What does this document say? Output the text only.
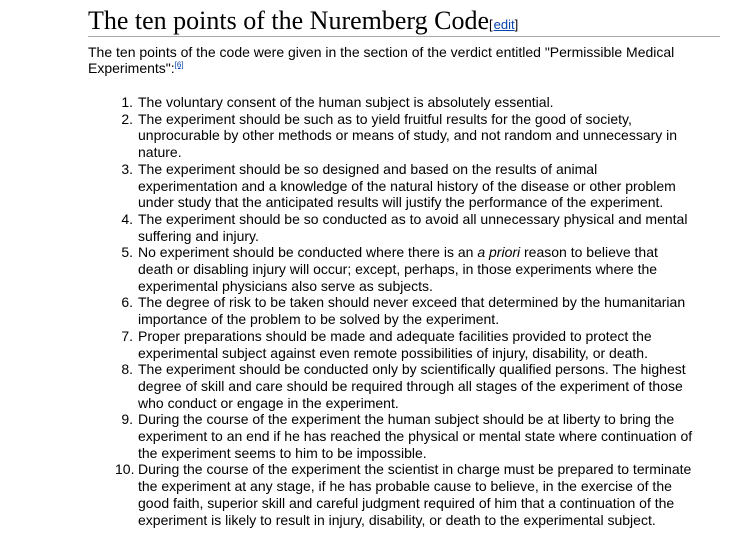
The ten points of the Nuremberg Code[edit]

The ten points of the code were given in the section of the verdict entitled "Permissible Medical Experiments":[6]

1. The voluntary consent of the human subject is absolutely essential.
2. The experiment should be such as to yield fruitful results for the good of society, unprocurable by other methods or means of study, and not random and unnecessary in nature.
3. The experiment should be so designed and based on the results of animal experimentation and a knowledge of the natural history of the disease or other problem under study that the anticipated results will justify the performance of the experiment.
4. The experiment should be so conducted as to avoid all unnecessary physical and mental suffering and injury.
5. No experiment should be conducted where there is an a priori reason to believe that death or disabling injury will occur; except, perhaps, in those experiments where the experimental physicians also serve as subjects.
6. The degree of risk to be taken should never exceed that determined by the humanitarian importance of the problem to be solved by the experiment.
7. Proper preparations should be made and adequate facilities provided to protect the experimental subject against even remote possibilities of injury, disability, or death.
8. The experiment should be conducted only by scientifically qualified persons. The highest degree of skill and care should be required through all stages of the experiment of those who conduct or engage in the experiment.
9. During the course of the experiment the human subject should be at liberty to bring the experiment to an end if he has reached the physical or mental state where continuation of the experiment seems to him to be impossible.
10. During the course of the experiment the scientist in charge must be prepared to terminate the experiment at any stage, if he has probable cause to believe, in the exercise of the good faith, superior skill and careful judgment required of him that a continuation of the experiment is likely to result in injury, disability, or death to the experimental subject.
